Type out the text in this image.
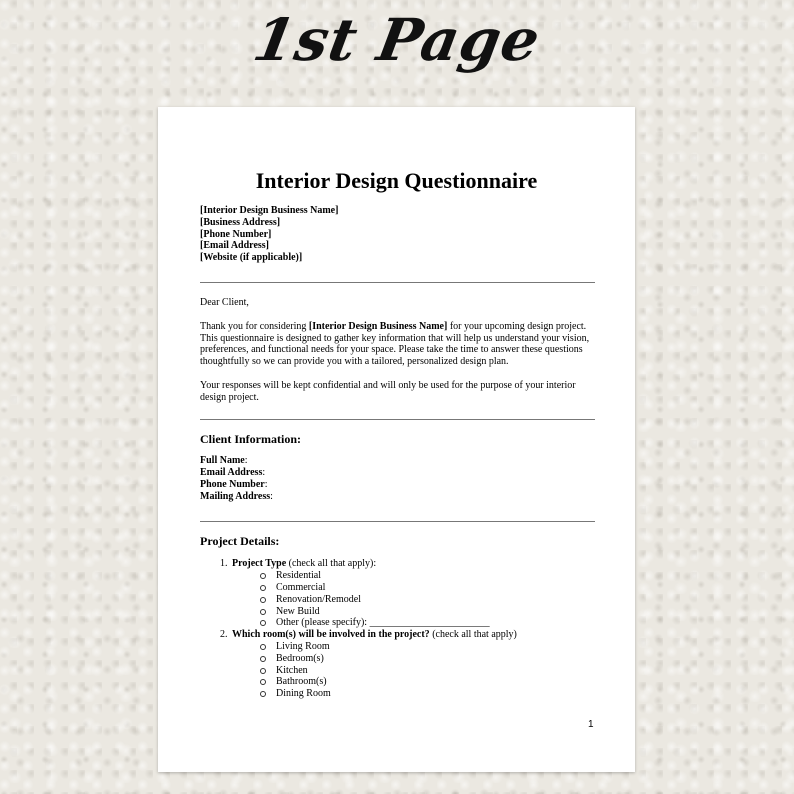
1st Page
Interior Design Questionnaire
[Interior Design Business Name]
[Business Address]
[Phone Number]
[Email Address]
[Website (if applicable)]

Dear Client,

Thank you for considering [Interior Design Business Name] for your upcoming design project. This questionnaire is designed to gather key information that will help us understand your vision, preferences, and functional needs for your space. Please take the time to answer these questions thoughtfully so we can provide you with a tailored, personalized design plan.

Your responses will be kept confidential and will only be used for the purpose of your interior design project.

Client Information:

Full Name:
Email Address:
Phone Number:
Mailing Address:

Project Details:

1. Project Type (check all that apply):
Residential
Commercial
Renovation/Remodel
New Build
Other (please specify): ________________________
2. Which room(s) will be involved in the project? (check all that apply)
Living Room
Bedroom(s)
Kitchen
Bathroom(s)
Dining Room
1
